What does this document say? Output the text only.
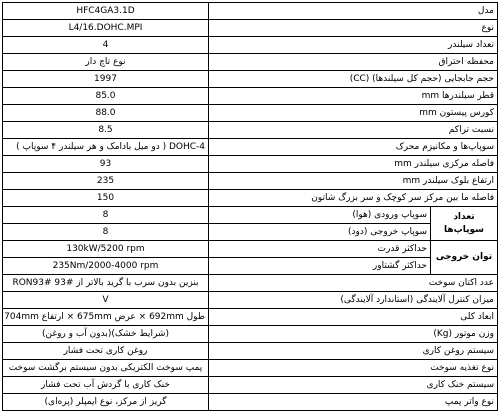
HFC4GA3.1D	مدل	
L4/16.DOHC.MPI	نوع	
4	تعداد سیلندر	
نوع تاچ دار	محفظه احتراق	
1997	حجم جابجایی (حجم کل سیلندها) (CC)	
85.0	قطر سیلندرها mm	
88.0	کورس پیستون mm	
8.5	نسبت تراکم	
DOHC-4 ( دو میل بادامک و هر سیلندر ۴ سوپاپ )	سوپاپ‌ها و مکانیزم محرک	
93	فاصله مرکزی سیلندر mm	
235	ارتفاع بلوک سیلندر mm	
150	فاصله ما بین مرکز سر کوچک و سر بزرگ شاتون	
8	سوپاپ ورودی (هوا)	تعداد سوپاپ‌ها
8	سوپاپ خروجی (دود)	
130kW/5200 rpm	حداکثر قدرت	توان خروجی
235Nm/2000-4000 rpm	حداکثر گشتاور	
بنزین بدون سرب با گرید بالاتر از #93 RON93#	عدد اکتان سوخت	
V	میزان کنترل آلایندگی (استاندارد آلایندگی)	
طول 692mm × عرض 675mm × ارتفاع 704mm	ابعاد کلی	
(شرایط خشک)(بدون آب و روغن)	وزن موتور (Kg)	
روغن کاری تحت فشار	سیستم روغن کاری	
پمپ سوخت الکتریکی بدون سیستم برگشت سوخت	نوع تغذیه سوخت	
خنک کاری با گردش آب تحت فشار	سیستم خنک کاری	
گریز از مرکز، نوع ایمپلر (پره‌ای)	نوع واتر پمپ	
